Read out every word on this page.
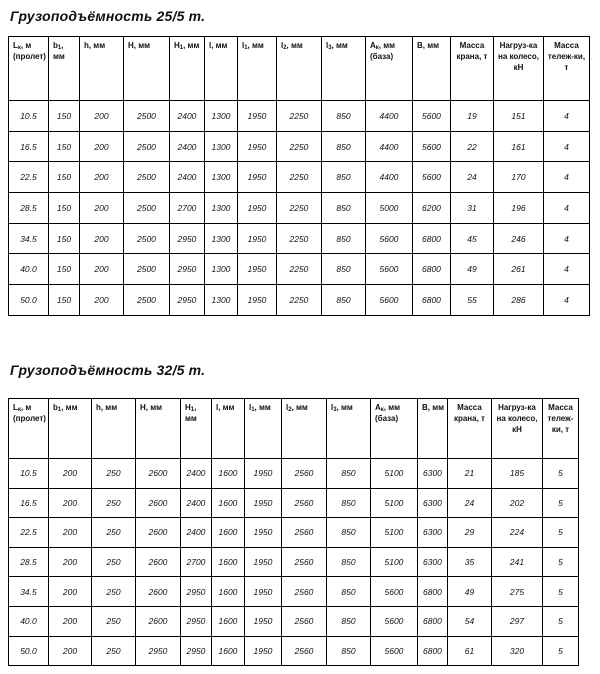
Грузоподъёмность 25/5 т.
$L_к$, м (пролет)	$b_1$, мм	h, мм	H, мм	$H_1$, мм	l, мм	$l_1$, мм	$l_2$, мм	$l_3$, мм	$A_к$, мм (база)	B, мм	Масса крана, т	Нагруз-ка на колесо, кН	Масса тележ-ки, т
10.5	150	200	2500	2400	1300	1950	2250	850	4400	5600	19	151	4
16.5	150	200	2500	2400	1300	1950	2250	850	4400	5600	22	161	4
22.5	150	200	2500	2400	1300	1950	2250	850	4400	5600	24	170	4
28.5	150	200	2500	2700	1300	1950	2250	850	5000	6200	31	196	4
34.5	150	200	2500	2950	1300	1950	2250	850	5600	6800	45	246	4
40.0	150	200	2500	2950	1300	1950	2250	850	5600	6800	49	261	4
50.0	150	200	2500	2950	1300	1950	2250	850	5600	6800	55	286	4
Грузоподъёмность 32/5 т.
$L_к$, м (пролет)	$b_1$, мм	h, мм	H, мм	$H_1$, мм	l, мм	$l_1$, мм	$l_2$, мм	$l_3$, мм	$A_к$, мм (база)	B, мм	Масса крана, т	Нагруз-ка на колесо, кН	Масса тележ-ки, т
10.5	200	250	2600	2400	1600	1950	2560	850	5100	6300	21	185	5
16.5	200	250	2600	2400	1600	1950	2560	850	5100	6300	24	202	5
22.5	200	250	2600	2400	1600	1950	2560	850	5100	6300	29	224	5
28.5	200	250	2600	2700	1600	1950	2560	850	5100	6300	35	241	5
34.5	200	250	2600	2950	1600	1950	2560	850	5600	6800	49	275	5
40.0	200	250	2600	2950	1600	1950	2560	850	5600	6800	54	297	5
50.0	200	250	2950	2950	1600	1950	2560	850	5600	6800	61	320	5
